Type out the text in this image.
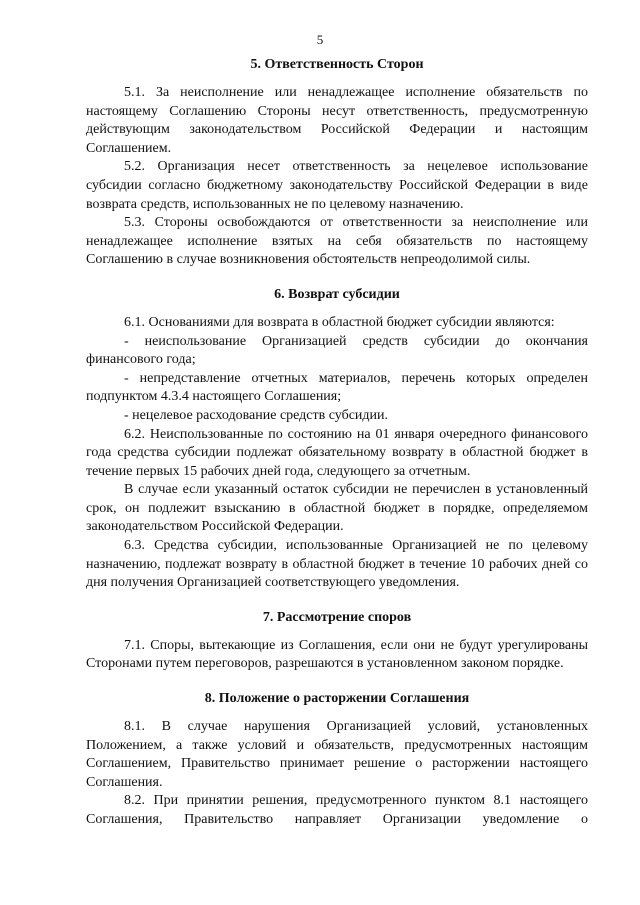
5
5. Ответственность Сторон

5.1. За неисполнение или ненадлежащее исполнение обязательств по настоящему Соглашению Стороны несут ответственность, предусмотренную действующим законодательством Российской Федерации и настоящим Соглашением.

5.2. Организация несет ответственность за нецелевое использование субсидии согласно бюджетному законодательству Российской Федерации в виде возврата средств, использованных не по целевому назначению.

5.3. Стороны освобождаются от ответственности за неисполнение или ненадлежащее исполнение взятых на себя обязательств по настоящему Соглашению в случае возникновения обстоятельств непреодолимой силы.

6. Возврат субсидии

6.1. Основаниями для возврата в областной бюджет субсидии являются:

- неиспользование Организацией средств субсидии до окончания финансового года;

- непредставление отчетных материалов, перечень которых определен подпунктом 4.3.4 настоящего Соглашения;

- нецелевое расходование средств субсидии.

6.2. Неиспользованные по состоянию на 01 января очередного финансового года средства субсидии подлежат обязательному возврату в областной бюджет в течение первых 15 рабочих дней года, следующего за отчетным.

В случае если указанный остаток субсидии не перечислен в установленный срок, он подлежит взысканию в областной бюджет в порядке, определяемом законодательством Российской Федерации.

6.3. Средства субсидии, использованные Организацией не по целевому назначению, подлежат возврату в областной бюджет в течение 10 рабочих дней со дня получения Организацией соответствующего уведомления.

7. Рассмотрение споров

7.1. Споры, вытекающие из Соглашения, если они не будут урегулированы Сторонами путем переговоров, разрешаются в установленном законом порядке.

8. Положение о расторжении Соглашения

8.1. В случае нарушения Организацией условий, установленных Положением, а также условий и обязательств, предусмотренных настоящим Соглашением, Правительство принимает решение о расторжении настоящего Соглашения.

8.2. При принятии решения, предусмотренного пунктом 8.1 настоящего Соглашения, Правительство направляет Организации уведомление о
